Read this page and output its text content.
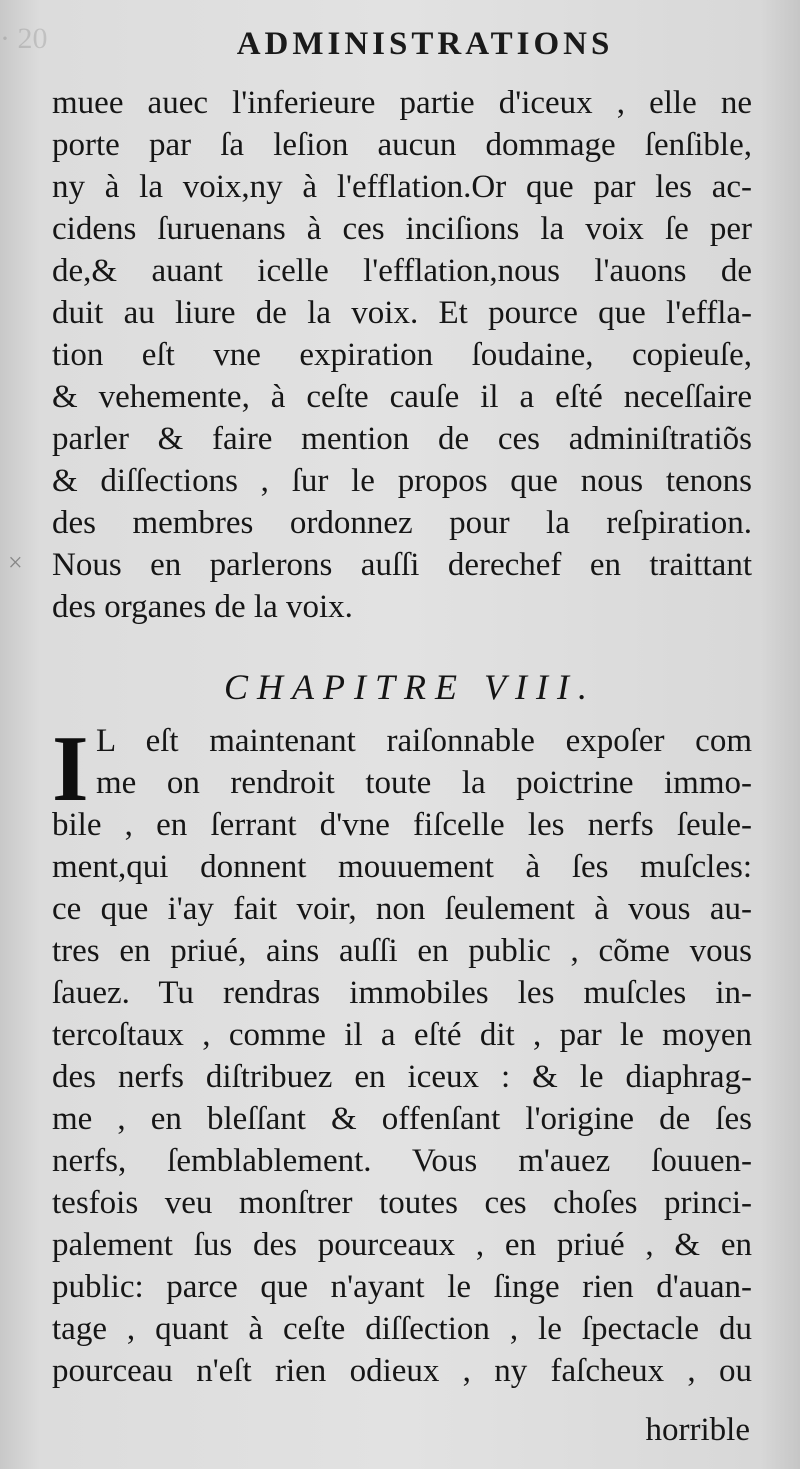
· 20
×
ADMINISTRATIONS
muee auec l'inferieure partie d'iceux , elle ne
porte par ſa leſion aucun dommage ſenſible,
ny à la voix,ny à l'efflation.Or que par les ac-
cidens ſuruenans à ces inciſions la voix ſe per
de,& auant icelle l'efflation,nous l'auons de
duit au liure de la voix. Et pource que l'effla-
tion eſt vne expiration ſoudaine, copieuſe,
& vehemente, à ceſte cauſe il a eſté neceſſaire
parler & faire mention de ces adminiſtratiõs
& diſſections , ſur le propos que nous tenons
des membres ordonnez pour la reſpiration.
Nous en parlerons auſſi derechef en traittant
des organes de la voix.
CHAPITRE VIII.
I L eſt maintenant raiſonnable expoſer com
me on rendroit toute la poictrine immo-
bile , en ſerrant d'vne fiſcelle les nerfs ſeule-
ment,qui donnent mouuement à ſes muſcles:
ce que i'ay fait voir, non ſeulement à vous au-
tres en priué, ains auſſi en public , cõme vous
ſauez. Tu rendras immobiles les muſcles in-
tercoſtaux , comme il a eſté dit , par le moyen
des nerfs diſtribuez en iceux : & le diaphrag-
me , en bleſſant & offenſant l'origine de ſes
nerfs, ſemblablement. Vous m'auez ſouuen-
tesfois veu monſtrer toutes ces choſes princi-
palement ſus des pourceaux , en priué , & en
public: parce que n'ayant le ſinge rien d'auan-
tage , quant à ceſte diſſection , le ſpectacle du
pourceau n'eſt rien odieux , ny faſcheux , ou
horrible
